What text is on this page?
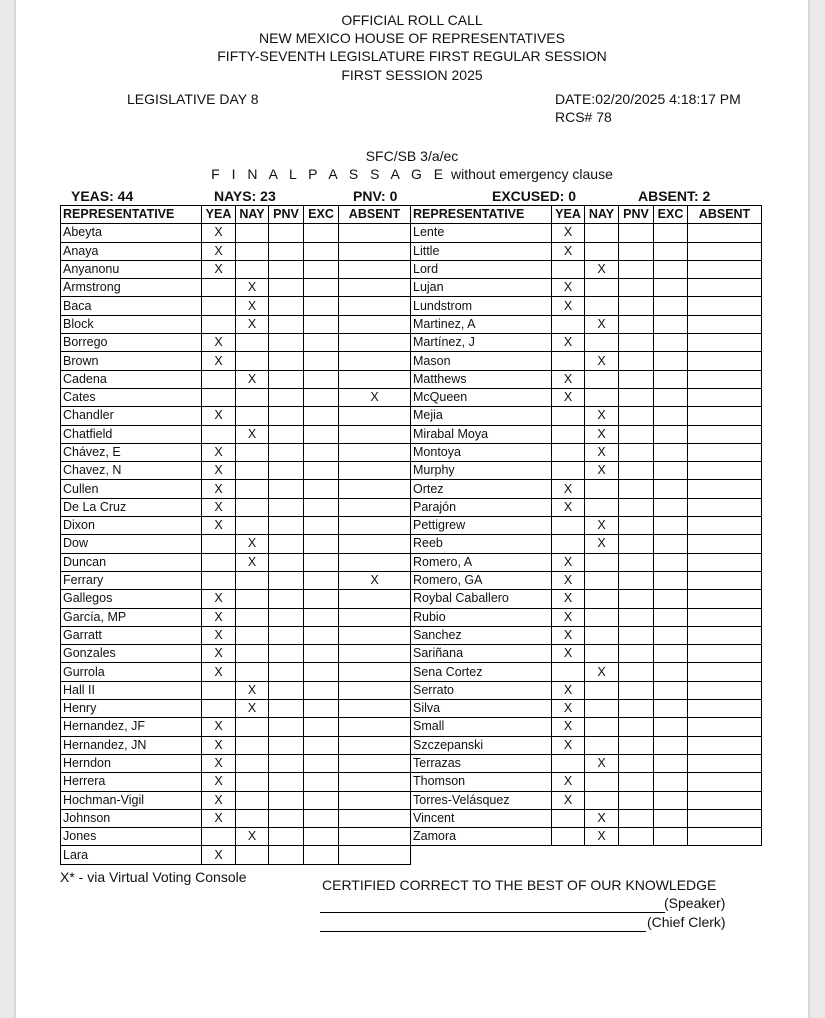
OFFICIAL ROLL CALL
NEW MEXICO HOUSE OF REPRESENTATIVES
FIFTY-SEVENTH LEGISLATURE FIRST REGULAR SESSION
FIRST SESSION 2025
LEGISLATIVE DAY 8	DATE:02/20/2025 4:18:17 PM
RCS# 78
SFC/SB 3/a/ec
F I N A L P A S S A G E without emergency clause
YEAS: 44	NAYS: 23	PNV: 0	EXCUSED: 0	ABSENT: 2
REPRESENTATIVE	YEA	NAY	PNV	EXC	ABSENT
Abeyta	X				
Anaya	X				
Anyanonu	X				
Armstrong		X			
Baca		X			
Block		X			
Borrego	X				
Brown	X				
Cadena		X			
Cates					X
Chandler	X				
Chatfield		X			
Chávez, E	X				
Chavez, N	X				
Cullen	X				
De La Cruz	X				
Dixon	X				
Dow		X			
Duncan		X			
Ferrary					X
Gallegos	X				
García, MP	X				
Garratt	X				
Gonzales	X				
Gurrola	X				
Hall II		X			
Henry		X			
Hernandez, JF	X				
Hernandez, JN	X				
Herndon	X				
Herrera	X				
Hochman-Vigil	X				
Johnson	X				
Jones		X			
Lara	X				
REPRESENTATIVE	YEA	NAY	PNV	EXC	ABSENT
Lente	X				
Little	X				
Lord		X			
Lujan	X				
Lundstrom	X				
Martinez, A		X			
Martínez, J	X				
Mason		X			
Matthews	X				
McQueen	X				
Mejia		X			
Mirabal Moya		X			
Montoya		X			
Murphy		X			
Ortez	X				
Parajón	X				
Pettigrew		X			
Reeb		X			
Romero, A	X				
Romero, GA	X				
Roybal Caballero	X				
Rubio	X				
Sanchez	X				
Sariñana	X				
Sena Cortez		X			
Serrato	X				
Silva	X				
Small	X				
Szczepanski	X				
Terrazas		X			
Thomson	X				
Torres-Velásquez	X				
Vincent		X			
Zamora		X			
X* - via Virtual Voting Console	CERTIFIED CORRECT TO THE BEST OF OUR KNOWLEDGE
(Speaker)
(Chief Clerk)
